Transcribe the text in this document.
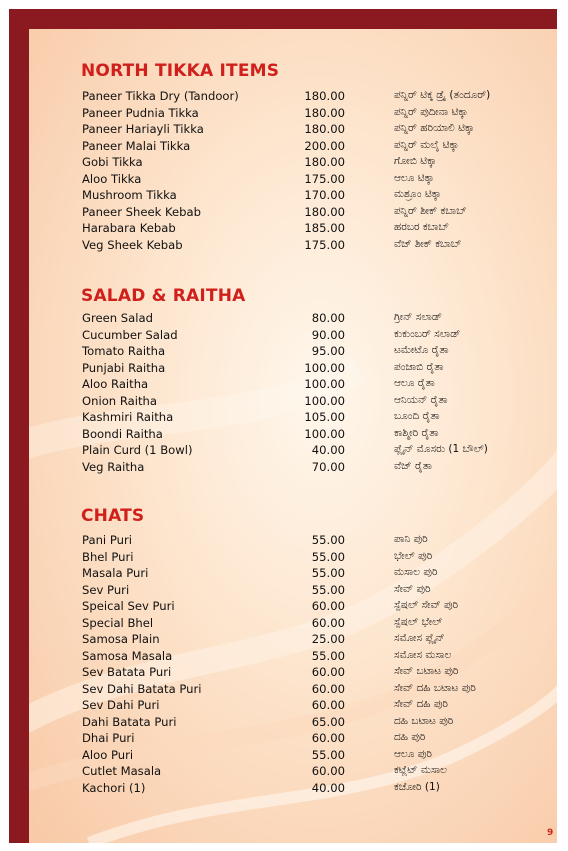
NORTH TIKKA ITEMS
Paneer Tikka Dry (Tandoor)	180.00	ಪನ್ನಿರ್ ಟಿಕ್ಕ ಡ್ರೈ (ತಂದೂರ್)
Paneer Pudnia Tikka	180.00	ಪನ್ನಿರ್ ಪುದೀನಾ ಟಿಕ್ಕಾ
Paneer Hariayli Tikka	180.00	ಪನ್ನಿರ್ ಹರಿಯಾಲಿ ಟಿಕ್ಕಾ
Paneer Malai Tikka	200.00	ಪನ್ನಿರ್ ಮಲೈ ಟಿಕ್ಕಾ
Gobi Tikka	180.00	ಗೋಬಿ ಟಿಕ್ಕಾ
Aloo Tikka	175.00	ಆಲೂ ಟಿಕ್ಕಾ
Mushroom Tikka	170.00	ಮಶ್ರೂಂ ಟಿಕ್ಕಾ
Paneer Sheek Kebab	180.00	ಪನ್ನಿರ್ ಶೀಕ್ ಕಬಾಬ್
Harabara Kebab	185.00	ಹರಬರ ಕಬಾಬ್
Veg Sheek Kebab	175.00	ವೆಜ್ ಶೀಕ್ ಕಬಾಬ್
SALAD & RAITHA
Green Salad	80.00	ಗ್ರೀನ್ ಸಲಾಡ್
Cucumber Salad	90.00	ಕುಕುಂಬರ್ ಸಲಾಡ್
Tomato Raitha	95.00	ಟಮೇಟೊ ರೈತಾ
Punjabi Raitha	100.00	ಪಂಜಾಬಿ ರೈತಾ
Aloo Raitha	100.00	ಆಲೂ ರೈತಾ
Onion Raitha	100.00	ಆನಿಯನ್ ರೈತಾ
Kashmiri Raitha	105.00	ಬೂಂದಿ ರೈತಾ
Boondi Raitha	100.00	ಕಾಶ್ಮೀರಿ ರೈತಾ
Plain Curd (1 Bowl)	40.00	ಪ್ಲೈನ್ ಮೊಸರು (1 ಬೌಲ್)
Veg Raitha	70.00	ವೆಜ್ ರೈತಾ
CHATS
Pani Puri	55.00	ಪಾನಿ ಪುರಿ
Bhel Puri	55.00	ಭೇಲ್ ಪುರಿ
Masala Puri	55.00	ಮಸಾಲ ಪುರಿ
Sev Puri	55.00	ಸೇವ್ ಪುರಿ
Speical Sev Puri	60.00	ಸ್ಪೆಷಲ್ ಸೇವ್ ಪುರಿ
Special Bhel	60.00	ಸ್ಪೆಷಲ್ ಭೇಲ್
Samosa Plain	25.00	ಸಮೋಸ ಪ್ಲೈನ್
Samosa Masala	55.00	ಸಮೋಸ ಮಸಾಲ
Sev Batata Puri	60.00	ಸೇವ್ ಬಟಾಟ ಪುರಿ
Sev Dahi Batata Puri	60.00	ಸೇವ್ ದಹಿ ಬಟಾಟ ಪುರಿ
Sev Dahi Puri	60.00	ಸೇವ್ ದಹಿ ಪುರಿ
Dahi Batata Puri	65.00	ದಹಿ ಬಟಾಟ ಪುರಿ
Dhai Puri	60.00	ದಹಿ ಪುರಿ
Aloo Puri	55.00	ಆಲೂ ಪುರಿ
Cutlet Masala	60.00	ಕಟ್ಲೆಟ್ ಮಸಾಲ
Kachori (1)	40.00	ಕಚೋರಿ (1)
9
